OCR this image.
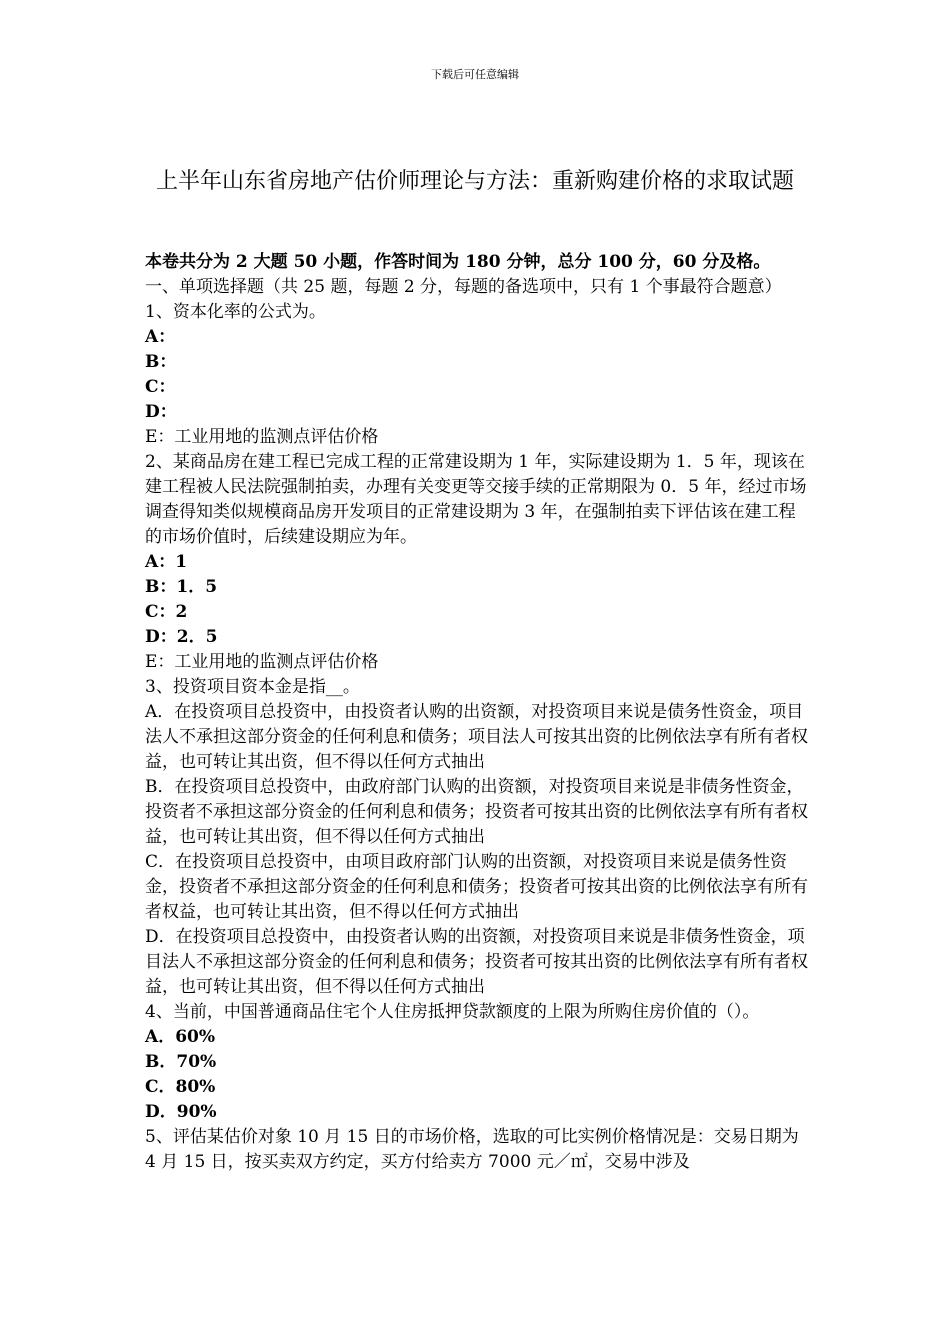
下载后可任意编辑
上半年山东省房地产估价师理论与方法：重新购建价格的求取试题

本卷共分为 2 大题 50 小题，作答时间为 180 分钟，总分 100 分，60 分及格。

一、单项选择题（共 25 题，每题 2 分，每题的备选项中，只有 1 个事最符合题意）

1、资本化率的公式为。

A：

B：

C：

D：

E：工业用地的监测点评估价格

2、某商品房在建工程已完成工程的正常建设期为 1 年，实际建设期为 1．5 年，现该在建工程被人民法院强制拍卖，办理有关变更等交接手续的正常期限为 0．5 年，经过市场调查得知类似规模商品房开发项目的正常建设期为 3 年，在强制拍卖下评估该在建工程的市场价值时，后续建设期应为年。

A：1

B：1．5

C：2

D：2．5

E：工业用地的监测点评估价格

3、投资项目资本金是指__。

A．在投资项目总投资中，由投资者认购的出资额，对投资项目来说是债务性资金，项目法人不承担这部分资金的任何利息和债务；项目法人可按其出资的比例依法享有所有者权益，也可转让其出资，但不得以任何方式抽出

B．在投资项目总投资中，由政府部门认购的出资额，对投资项目来说是非债务性资金，投资者不承担这部分资金的任何利息和债务；投资者可按其出资的比例依法享有所有者权益，也可转让其出资，但不得以任何方式抽出

C．在投资项目总投资中，由项目政府部门认购的出资额，对投资项目来说是债务性资金，投资者不承担这部分资金的任何利息和债务；投资者可按其出资的比例依法享有所有者权益，也可转让其出资，但不得以任何方式抽出

D．在投资项目总投资中，由投资者认购的出资额，对投资项目来说是非债务性资金，项目法人不承担这部分资金的任何利息和债务；投资者可按其出资的比例依法享有所有者权益，也可转让其出资，但不得以任何方式抽出

4、当前，中国普通商品住宅个人住房抵押贷款额度的上限为所购住房价值的（）。

A．60%

B．70%

C．80%

D．90%

5、评估某估价对象 10 月 15 日的市场价格，选取的可比实例价格情况是：交易日期为 4 月 15 日，按买卖双方约定，买方付给卖方 7000 元／㎡，交易中涉及
